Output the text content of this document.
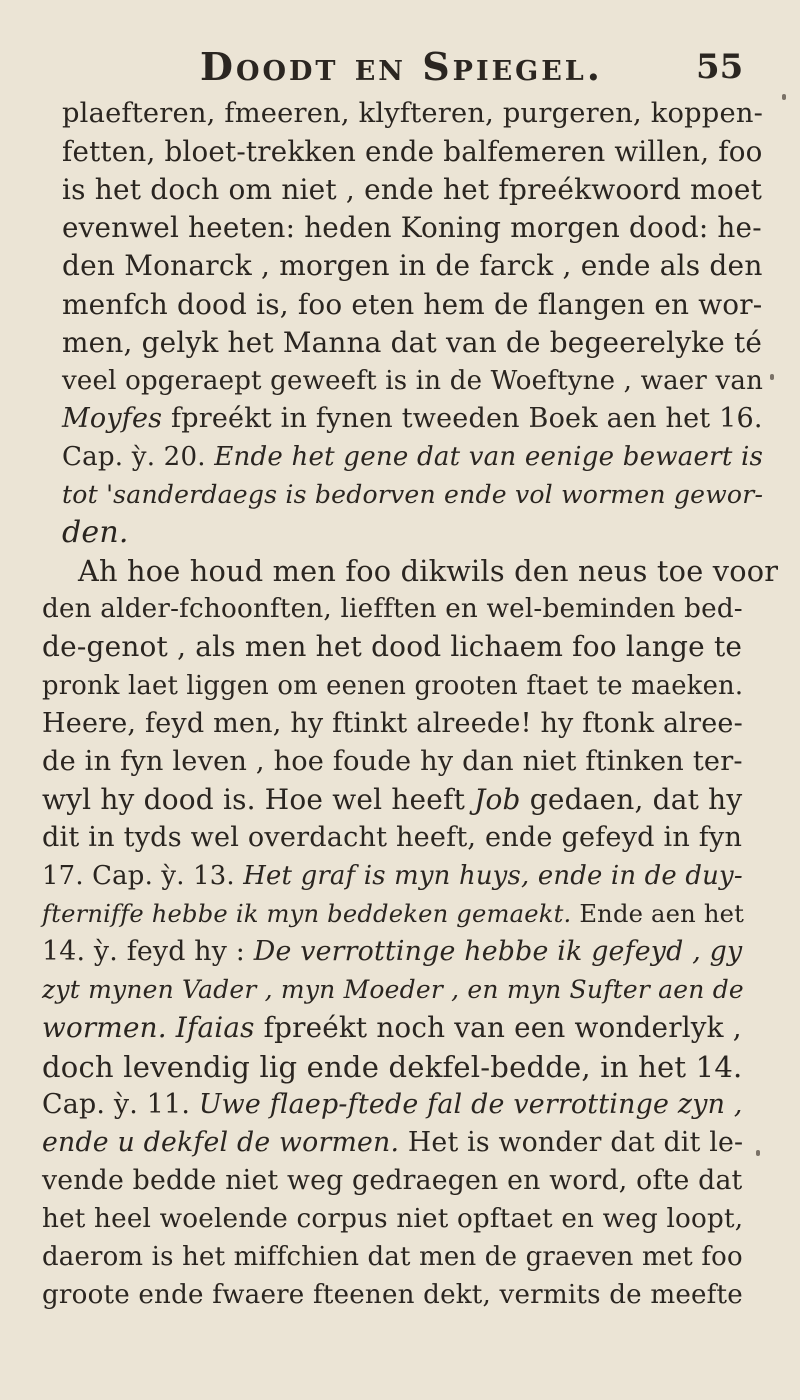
Doodt en Spiegel.	55
plaefteren, fmeeren, klyfteren, purgeren, koppen-
fetten, bloet-trekken ende balfemeren willen, foo
is het doch om niet , ende het fpreékwoord moet
evenwel heeten: heden Koning morgen dood: he-
den Monarck , morgen in de farck , ende als den
menfch dood is, foo eten hem de flangen en wor-
men, gelyk het Manna dat van de begeerelyke té
veel opgeraept geweeft is in de Woeftyne , waer van
Moyfes fpreékt in fynen tweeden Boek aen het 16.
Cap. ỳ. 20. Ende het gene dat van eenige bewaert is
tot 'sanderdaegs is bedorven ende vol wormen gewor-
den.
Ah hoe houd men foo dikwils den neus toe voor
den alder-fchoonften, liefften en wel-beminden bed-
de-genot , als men het dood lichaem foo lange te
pronk laet liggen om eenen grooten ftaet te maeken.
Heere, feyd men, hy ftinkt alreede! hy ftonk alree-
de in fyn leven , hoe foude hy dan niet ftinken ter-
wyl hy dood is. Hoe wel heeft Job gedaen, dat hy
dit in tyds wel overdacht heeft, ende gefeyd in fyn
17. Cap. ỳ. 13. Het graf is myn huys, ende in de duy-
fterniffe hebbe ik myn beddeken gemaekt. Ende aen het
14. ỳ. feyd hy : De verrottinge hebbe ik gefeyd , gy
zyt mynen Vader , myn Moeder , en myn Sufter aen de
wormen. Ifaias fpreékt noch van een wonderlyk ,
doch levendig lig ende dekfel-bedde, in het 14.
Cap. ỳ. 11. Uwe flaep-ftede fal de verrottinge zyn ,
ende u dekfel de wormen. Het is wonder dat dit le-
vende bedde niet weg gedraegen en word, ofte dat
het heel woelende corpus niet opftaet en weg loopt,
daerom is het miffchien dat men de graeven met foo
groote ende fwaere fteenen dekt, vermits de meefte
